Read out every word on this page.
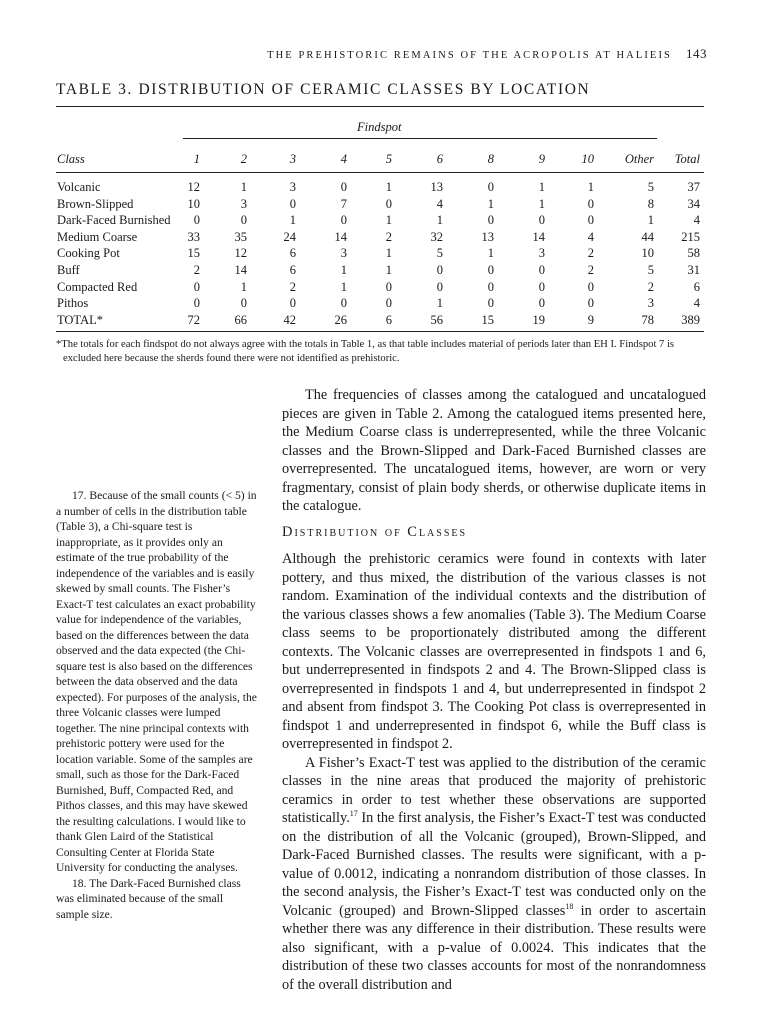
THE PREHISTORIC REMAINS OF THE ACROPOLIS AT HALIEIS 143
TABLE 3. DISTRIBUTION OF CERAMIC CLASSES BY LOCATION
Findspot
Class	1	2	3	4	5	6	8	9	10 Other Total
Volcanic	12	1	3	0	1	13	0	1	1	5	37
Brown-Slipped	10	3	0	7	0	4	1	1	0	8	34
Dark-Faced Burnished 0	0	1	0	1	1	0	0	0	1	4
Medium Coarse	33	35	24	14	2	32	13	14	4	44 215
Cooking Pot	15	12	6	3	1	5	1	3	2	10	58
Buff	2	14	6	1	1	0	0	0	2	5	31
Compacted Red	0	1	2	1	0	0	0	0	0	2	6
Pithos	0	0	0	0	0	1	0	0	0	3	4
TOTAL*	72	66	42	26	6	56	15	19	9	78 389
*The totals for each findspot do not always agree with the totals in Table 1, as that table includes material of periods later than EH I. Findspot 7 is
excluded here because the sherds found there were not identified as prehistoric.

The frequencies of classes among the catalogued and uncatalogued pieces are given in Table 2. Among the catalogued items presented here, the Medium Coarse class is underrepresented, while the three Volcanic classes and the Brown-Slipped and Dark-Faced Burnished classes are overrepresented. The uncatalogued items, however, are worn or very fragmentary, consist of plain body sherds, or otherwise duplicate items in the catalogue.

Distribution of Classes

Although the prehistoric ceramics were found in contexts with later pottery, and thus mixed, the distribution of the various classes is not random. Examination of the individual contexts and the distribution of the various classes shows a few anomalies (Table 3). The Medium Coarse class seems to be proportionately distributed among the different contexts. The Volcanic classes are overrepresented in findspots 1 and 6, but underrepresented in findspots 2 and 4. The Brown-Slipped class is overrepresented in findspots 1 and 4, but underrepresented in findspot 2 and absent from findspot 3. The Cooking Pot class is overrepresented in findspot 1 and underrepresented in findspot 6, while the Buff class is overrepresented in findspot 2.

A Fisher’s Exact-T test was applied to the distribution of the ceramic classes in the nine areas that produced the majority of prehistoric ceramics in order to test whether these observations are supported statistically.$^{17}$ In the first analysis, the Fisher’s Exact-T test was conducted on the distribution of all the Volcanic (grouped), Brown-Slipped, and Dark-Faced Burnished classes. The results were significant, with a p-value of 0.0012, indicating a nonrandom distribution of those classes. In the second analysis, the Fisher’s Exact-T test was conducted only on the Volcanic (grouped) and Brown-Slipped classes$^{18}$ in order to ascertain whether there was any difference in their distribution. These results were also significant, with a p-value of 0.0024. This indicates that the distribution of these two classes accounts for most of the nonrandomness of the overall distribution and

17. Because of the small counts (< 5) in a number of cells in the distribution table (Table 3), a Chi-square test is inappropriate, as it provides only an estimate of the true probability of the independence of the variables and is easily skewed by small counts. The Fisher’s Exact-T test calculates an exact probability value for independence of the variables, based on the differences between the data observed and the data expected (the Chi-square test is also based on the differences between the data observed and the data expected). For purposes of the analysis, the three Volcanic classes were lumped together. The nine principal contexts with prehistoric pottery were used for the location variable. Some of the samples are small, such as those for the Dark-Faced Burnished, Buff, Compacted Red, and Pithos classes, and this may have skewed the resulting calculations. I would like to thank Glen Laird of the Statistical Consulting Center at Florida State University for conducting the analyses.

18. The Dark-Faced Burnished class was eliminated because of the small sample size.
